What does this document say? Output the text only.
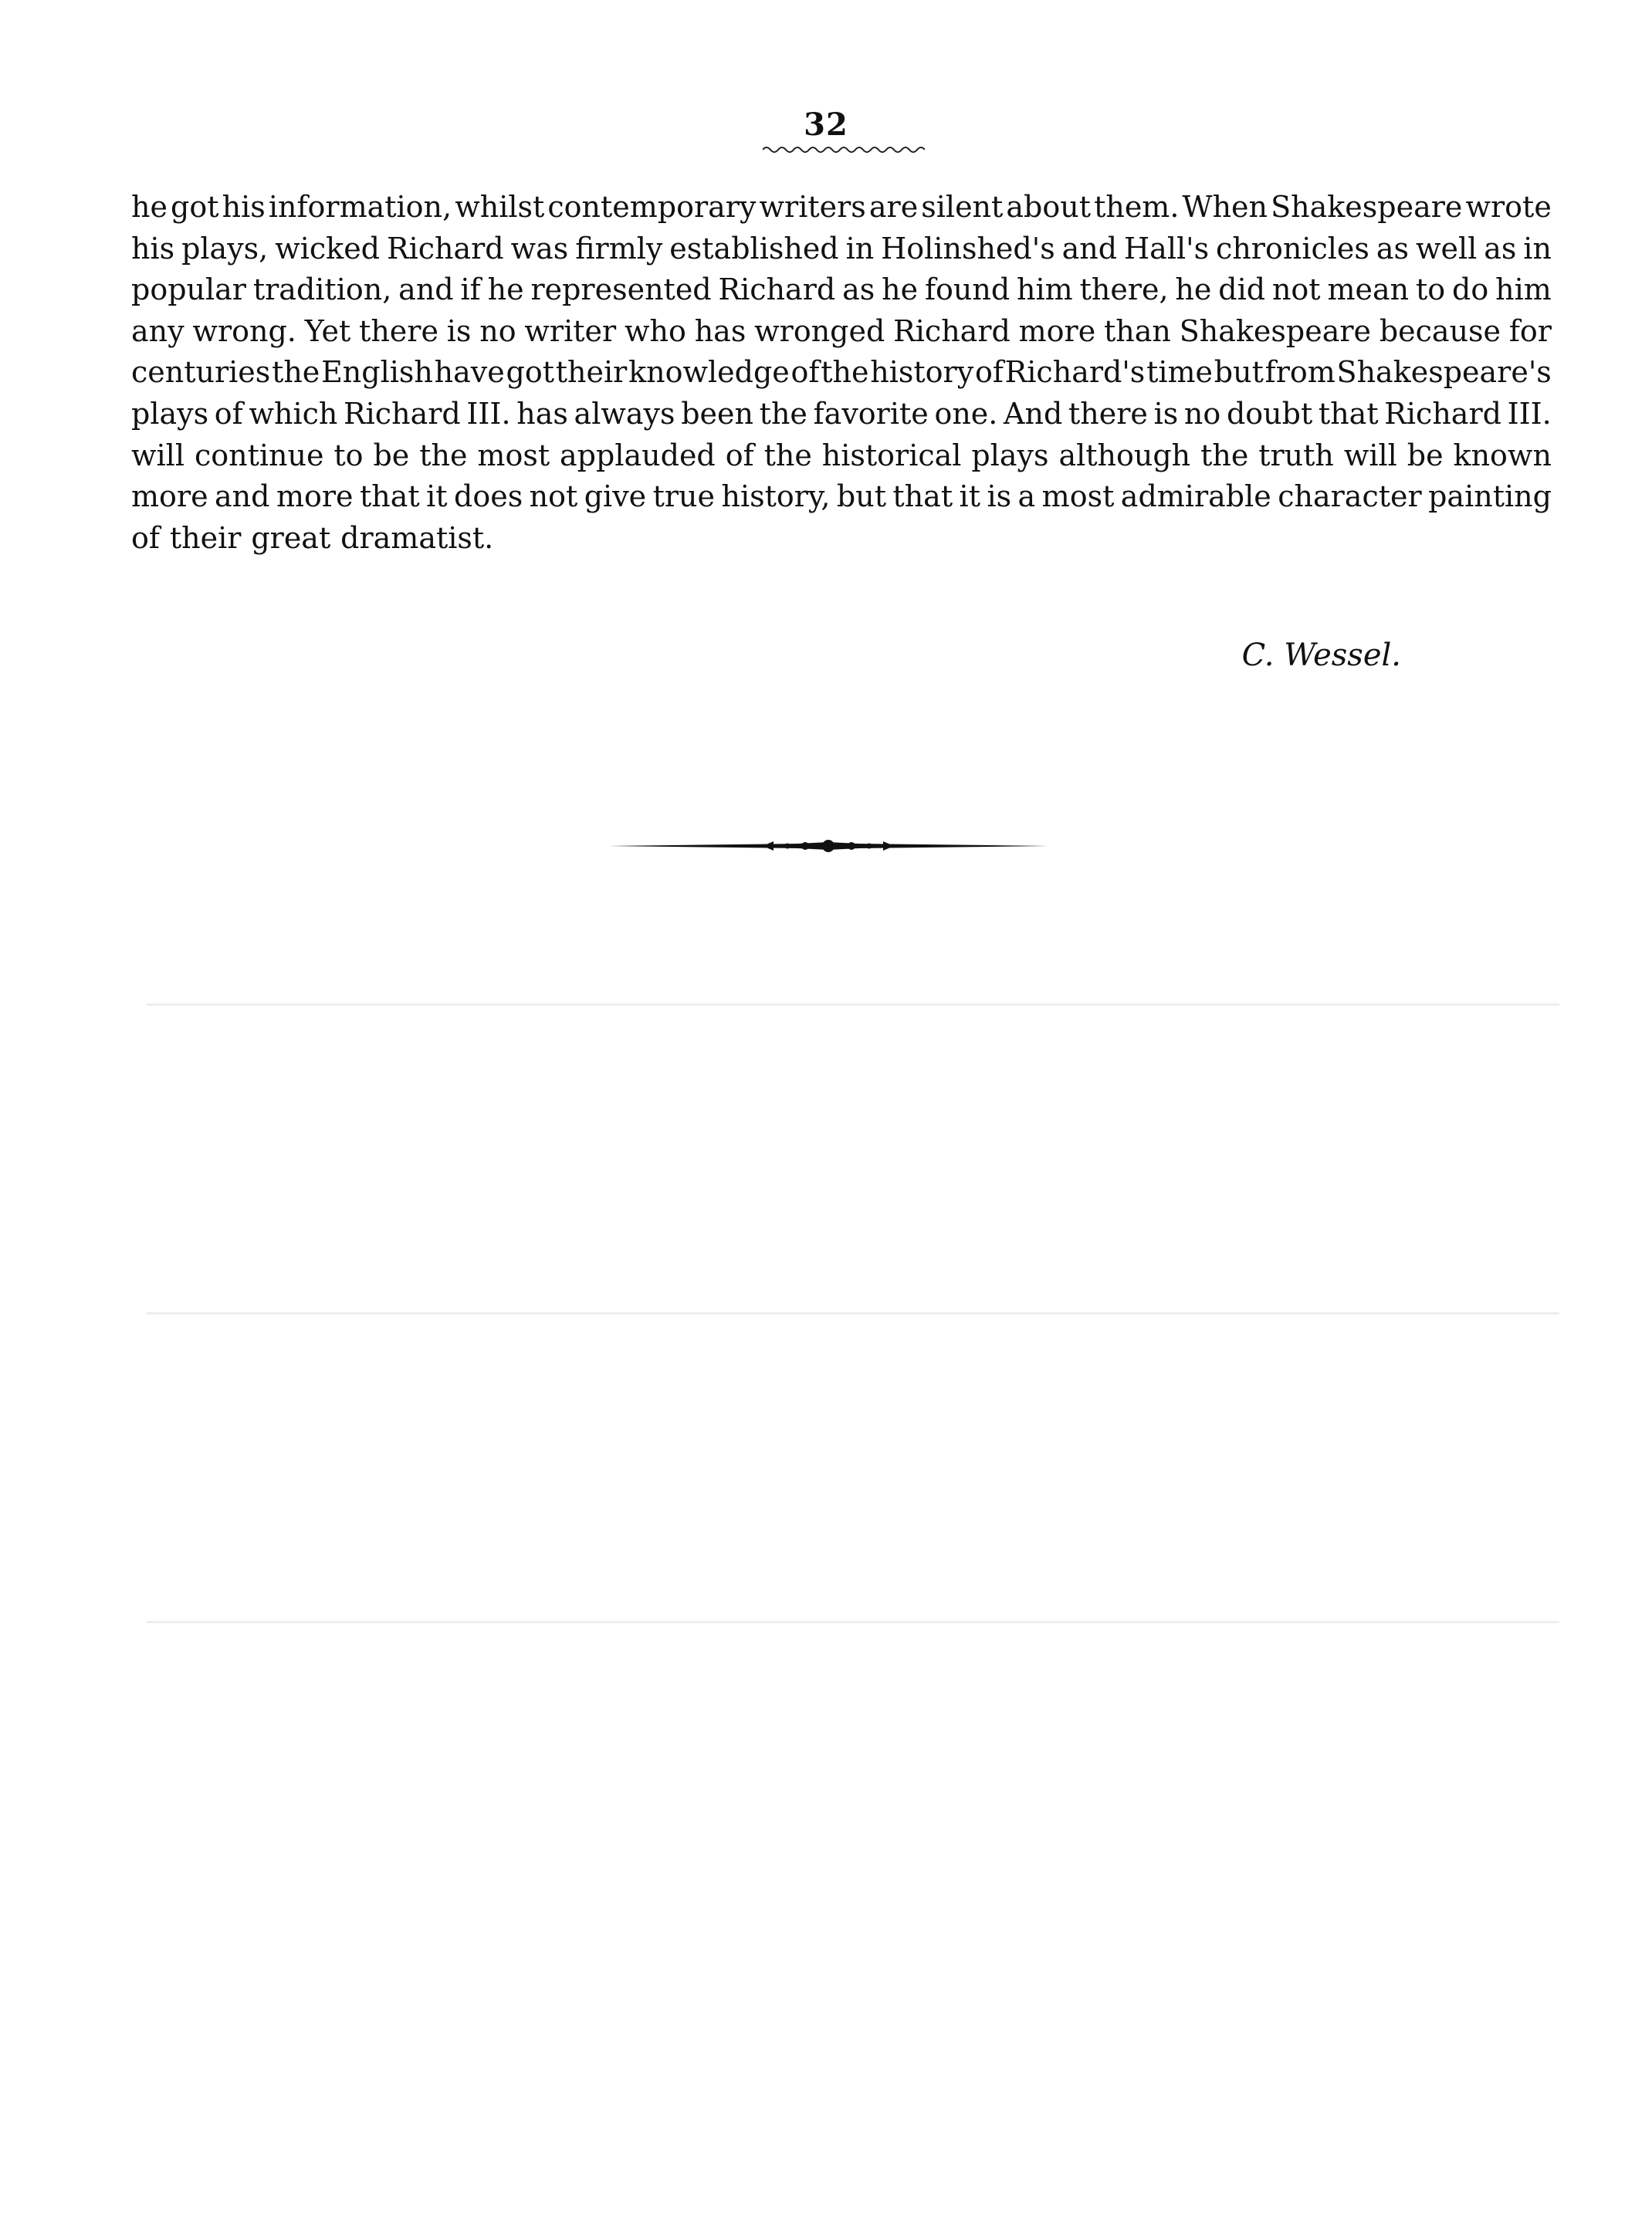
32
he got his information, whilst contemporary writers are silent about them. When Shakespeare wrote
his plays, wicked Richard was firmly established in Holinshed's and Hall's chronicles as well as in
popular tradition, and if he represented Richard as he found him there, he did not mean to do him
any wrong. Yet there is no writer who has wronged Richard more than Shakespeare because for
centuries the English have got their knowledge of the history of Richard's time but from Shakespeare's
plays of which Richard III. has always been the favorite one. And there is no doubt that Richard III.
will continue to be the most applauded of the historical plays although the truth will be known
more and more that it does not give true history, but that it is a most admirable character painting
of their great dramatist.
C. Wessel.
